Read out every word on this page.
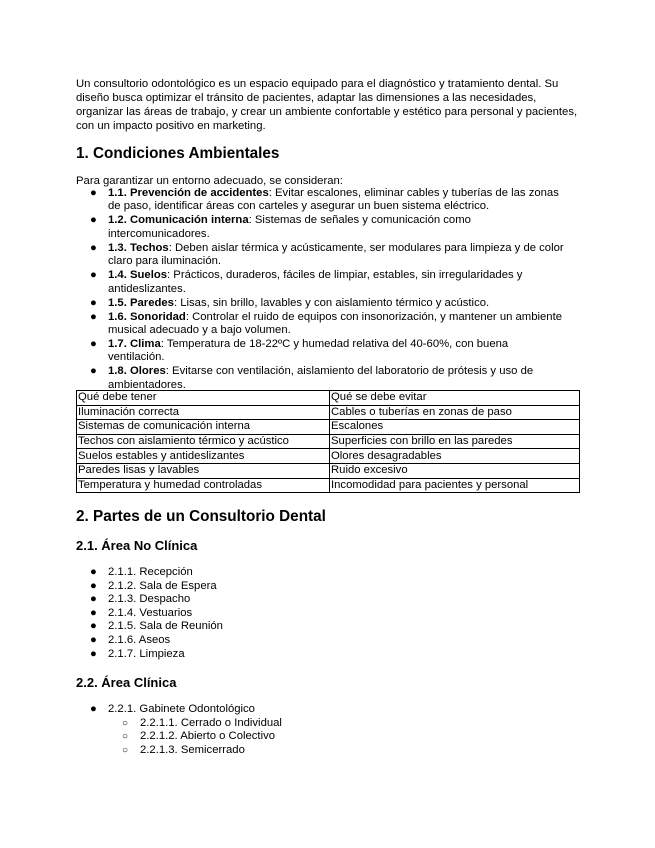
Un consultorio odontológico es un espacio equipado para el diagnóstico y tratamiento dental. Su diseño busca optimizar el tránsito de pacientes, adaptar las dimensiones a las necesidades, organizar las áreas de trabajo, y crear un ambiente confortable y estético para personal y pacientes, con un impacto positivo en marketing.

1. Condiciones Ambientales

Para garantizar un entorno adecuado, se consideran:

● 1.1. Prevención de accidentes: Evitar escalones, eliminar cables y tuberías de las zonas de paso, identificar áreas con carteles y asegurar un buen sistema eléctrico.
● 1.2. Comunicación interna: Sistemas de señales y comunicación como intercomunicadores.
● 1.3. Techos: Deben aislar térmica y acústicamente, ser modulares para limpieza y de color claro para iluminación.
● 1.4. Suelos: Prácticos, duraderos, fáciles de limpiar, estables, sin irregularidades y antideslizantes.
● 1.5. Paredes: Lisas, sin brillo, lavables y con aislamiento térmico y acústico.
● 1.6. Sonoridad: Controlar el ruido de equipos con insonorización, y mantener un ambiente musical adecuado y a bajo volumen.
● 1.7. Clima: Temperatura de 18-22ºC y humedad relativa del 40-60%, con buena ventilación.
● 1.8. Olores: Evitarse con ventilación, aislamiento del laboratorio de prótesis y uso de ambientadores.
Qué debe tener	Qué se debe evitar
Iluminación correcta	Cables o tuberías en zonas de paso
Sistemas de comunicación interna	Escalones
Techos con aislamiento térmico y acústico	Superficies con brillo en las paredes
Suelos estables y antideslizantes	Olores desagradables
Paredes lisas y lavables	Ruido excesivo
Temperatura y humedad controladas	Incomodidad para pacientes y personal
2. Partes de un Consultorio Dental
2.1. Área No Clínica
● 2.1.1. Recepción
● 2.1.2. Sala de Espera
● 2.1.3. Despacho
● 2.1.4. Vestuarios
● 2.1.5. Sala de Reunión
● 2.1.6. Aseos
● 2.1.7. Limpieza
2.2. Área Clínica
● 2.2.1. Gabinete Odontológico
○ 2.2.1.1. Cerrado o Individual
○ 2.2.1.2. Abierto o Colectivo
○ 2.2.1.3. Semicerrado
